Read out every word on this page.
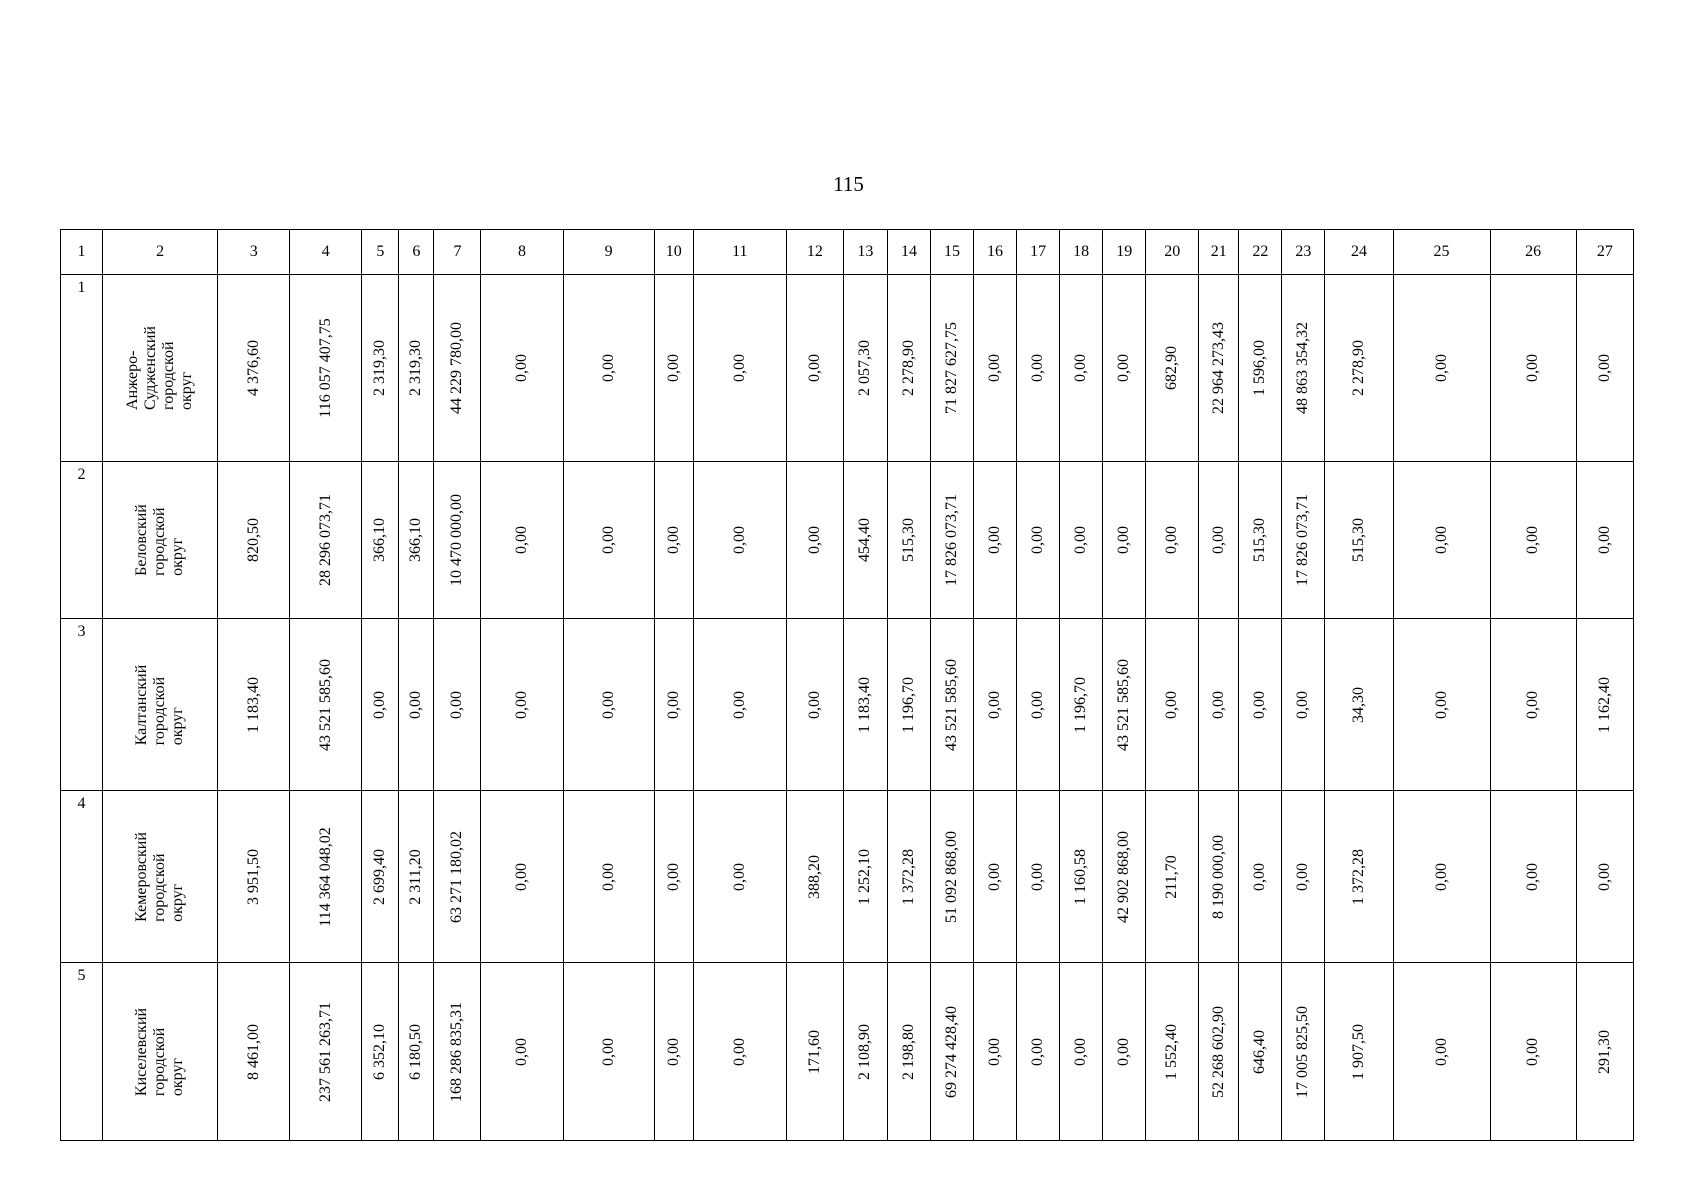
115
1	2	3	4	5	6	7	8	9	10	11	12	13	14	15	16	17	18	19	20	21	22	23	24	25	26	27
1	Анжеро-
Судженский
городской округ	4 376,60	116 057 407,75	2 319,30	2 319,30	44 229 780,00	0,00	0,00	0,00	0,00	0,00	2 057,30	2 278,90	71 827 627,75	0,00	0,00	0,00	0,00	682,90	22 964 273,43	1 596,00	48 863 354,32	2 278,90	0,00	0,00	0,00

2	Беловский
городской округ	820,50	28 296 073,71	366,10	366,10	10 470 000,00	0,00	0,00	0,00	0,00	0,00	454,40	515,30	17 826 073,71	0,00	0,00	0,00	0,00	0,00	0,00	515,30	17 826 073,71	515,30	0,00	0,00	0,00

3	Калтанский
городской округ	1 183,40	43 521 585,60	0,00	0,00	0,00	0,00	0,00	0,00	0,00	0,00	1 183,40	1 196,70	43 521 585,60	0,00	0,00	1 196,70	43 521 585,60	0,00	0,00	0,00	0,00	34,30	0,00	0,00	1 162,40

4	Кемеровский
городской округ	3 951,50	114 364 048,02	2 699,40	2 311,20	63 271 180,02	0,00	0,00	0,00	0,00	388,20	1 252,10	1 372,28	51 092 868,00	0,00	0,00	1 160,58	42 902 868,00	211,70	8 190 000,00	0,00	0,00	1 372,28	0,00	0,00	0,00

5	Киселевский
городской округ	8 461,00	237 561 263,71	6 352,10	6 180,50	168 286 835,31	0,00	0,00	0,00	0,00	171,60	2 108,90	2 198,80	69 274 428,40	0,00	0,00	0,00	0,00	1 552,40	52 268 602,90	646,40	17 005 825,50	1 907,50	0,00	0,00	291,30
